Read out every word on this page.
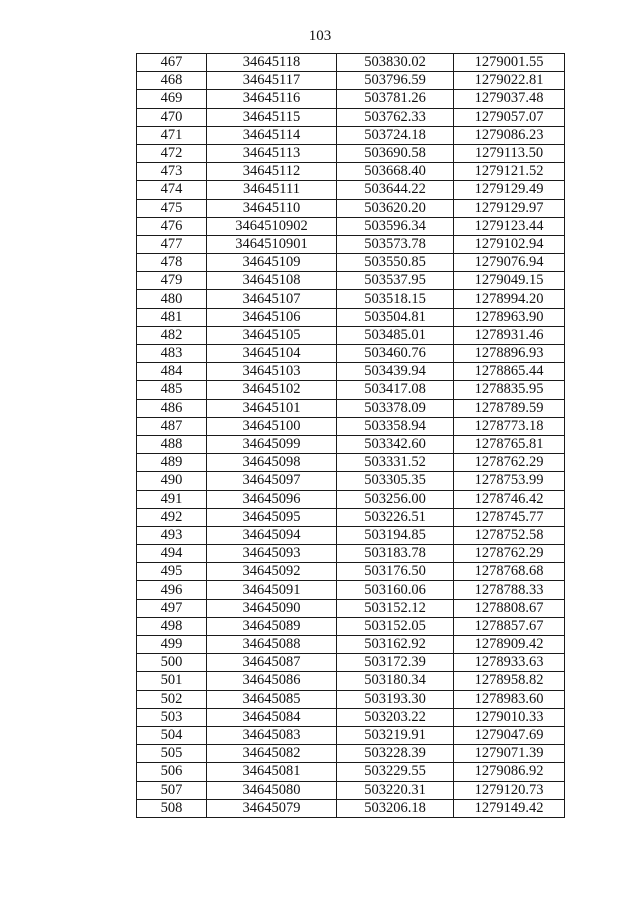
103
467	34645118	503830.02	1279001.55
468	34645117	503796.59	1279022.81
469	34645116	503781.26	1279037.48
470	34645115	503762.33	1279057.07
471	34645114	503724.18	1279086.23
472	34645113	503690.58	1279113.50
473	34645112	503668.40	1279121.52
474	34645111	503644.22	1279129.49
475	34645110	503620.20	1279129.97
476	3464510902	503596.34	1279123.44
477	3464510901	503573.78	1279102.94
478	34645109	503550.85	1279076.94
479	34645108	503537.95	1279049.15
480	34645107	503518.15	1278994.20
481	34645106	503504.81	1278963.90
482	34645105	503485.01	1278931.46
483	34645104	503460.76	1278896.93
484	34645103	503439.94	1278865.44
485	34645102	503417.08	1278835.95
486	34645101	503378.09	1278789.59
487	34645100	503358.94	1278773.18
488	34645099	503342.60	1278765.81
489	34645098	503331.52	1278762.29
490	34645097	503305.35	1278753.99
491	34645096	503256.00	1278746.42
492	34645095	503226.51	1278745.77
493	34645094	503194.85	1278752.58
494	34645093	503183.78	1278762.29
495	34645092	503176.50	1278768.68
496	34645091	503160.06	1278788.33
497	34645090	503152.12	1278808.67
498	34645089	503152.05	1278857.67
499	34645088	503162.92	1278909.42
500	34645087	503172.39	1278933.63
501	34645086	503180.34	1278958.82
502	34645085	503193.30	1278983.60
503	34645084	503203.22	1279010.33
504	34645083	503219.91	1279047.69
505	34645082	503228.39	1279071.39
506	34645081	503229.55	1279086.92
507	34645080	503220.31	1279120.73
508	34645079	503206.18	1279149.42
